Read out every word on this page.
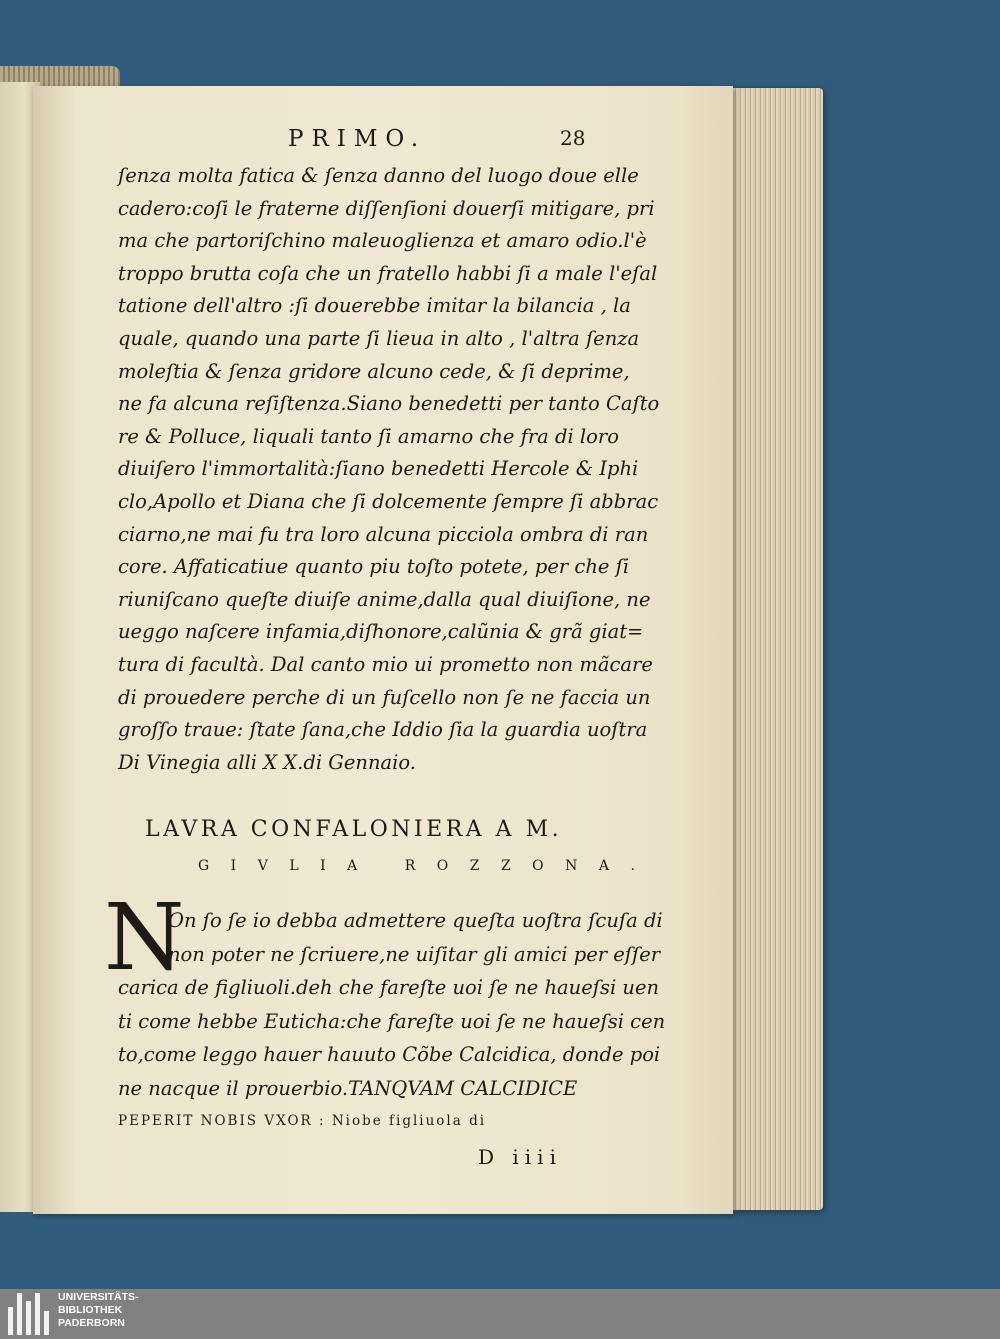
PRIMO.	28

ſenza molta fatica & ſenza danno del luogo doue elle

cadero:coſi le fraterne diſſenſioni douerſi mitigare, pri

ma che partoriſchino maleuoglienza et amaro odio.l'è

troppo brutta coſa che un fratello habbi ſi a male l'eſal

tatione dell'altro :ſi douerebbe imitar la bilancia , la

quale, quando una parte ſi lieua in alto , l'altra ſenza

moleſtia & ſenza gridore alcuno cede, & ſi deprime,

ne fa alcuna reſiſtenza.Siano benedetti per tanto Caſto

re & Polluce, liquali tanto ſi amarno che fra di loro

diuiſero l'immortalità:ſiano benedetti Hercole & Iphi

clo,Apollo et Diana che ſi dolcemente ſempre ſi abbrac

ciarno,ne mai fu tra loro alcuna picciola ombra di ran

core. Affaticatiue quanto piu toſto potete, per che ſi

riuniſcano queſte diuiſe anime,dalla qual diuiſione, ne

ueggo naſcere infamia,diſhonore,calũnia & grã giat=

tura di facultà. Dal canto mio ui prometto non mãcare

di prouedere perche di un fuſcello non ſe ne faccia un

groſſo traue: ſtate ſana,che Iddio ſia la guardia uoſtra

Di Vinegia alli X X.di Gennaio.

LAVRA CONFALONIERA A M.
GIVLIA ROZZONA.
N

On ſo ſe io debba admettere queſta uoſtra ſcuſa di

non poter ne ſcriuere,ne uiſitar gli amici per eſſer

carica de figliuoli.deh che fareſte uoi ſe ne haueſsi uen

ti come hebbe Euticha:che fareſte uoi ſe ne haueſsi cen

to,come leggo hauer hauuto Cõbe Calcidica, donde poi

ne nacque il prouerbio.TANQVAM CALCIDICE

PEPERIT NOBIS VXOR : Niobe figliuola di

D iiii
UNIVERSITÄTS-
BIBLIOTHEK
PADERBORN
